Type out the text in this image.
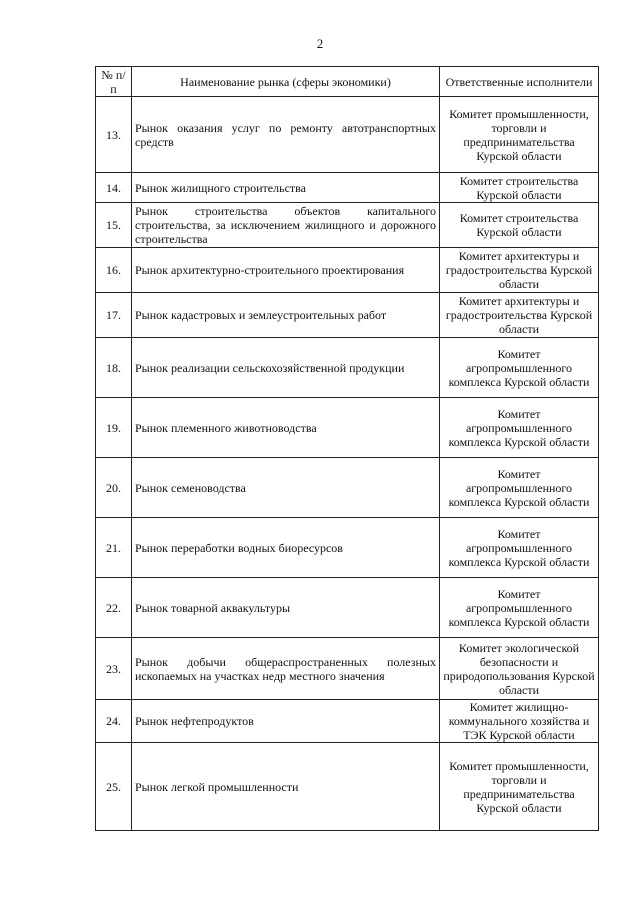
2
№ п/п	Наименование рынка (сферы экономики)	Ответственные исполнители
13.	Рынок оказания услуг по ремонту автотранспортных средств	Комитет промышленности, торговли и предпринимательства Курской области
14.	Рынок жилищного строительства	Комитет строительства Курской области
15.	Рынок строительства объектов капитального строительства, за исключением жилищного и дорожного строительства	Комитет строительства Курской области
16.	Рынок архитектурно-строительного проектирования	Комитет архитектуры и градостроительства Курской области
17.	Рынок кадастровых и землеустроительных работ	Комитет архитектуры и градостроительства Курской области
18.	Рынок реализации сельскохозяйственной продукции	Комитет агропромышленного комплекса Курской области
19.	Рынок племенного животноводства	Комитет агропромышленного комплекса Курской области
20.	Рынок семеноводства	Комитет агропромышленного комплекса Курской области
21.	Рынок переработки водных биоресурсов	Комитет агропромышленного комплекса Курской области
22.	Рынок товарной аквакультуры	Комитет агропромышленного комплекса Курской области
23.	Рынок добычи общераспространенных полезных ископаемых на участках недр местного значения	Комитет экологической безопасности и природопользования Курской области
24.	Рынок нефтепродуктов	Комитет жилищно-коммунального хозяйства и ТЭК Курской области
25.	Рынок легкой промышленности	Комитет промышленности, торговли и предпринимательства Курской области
